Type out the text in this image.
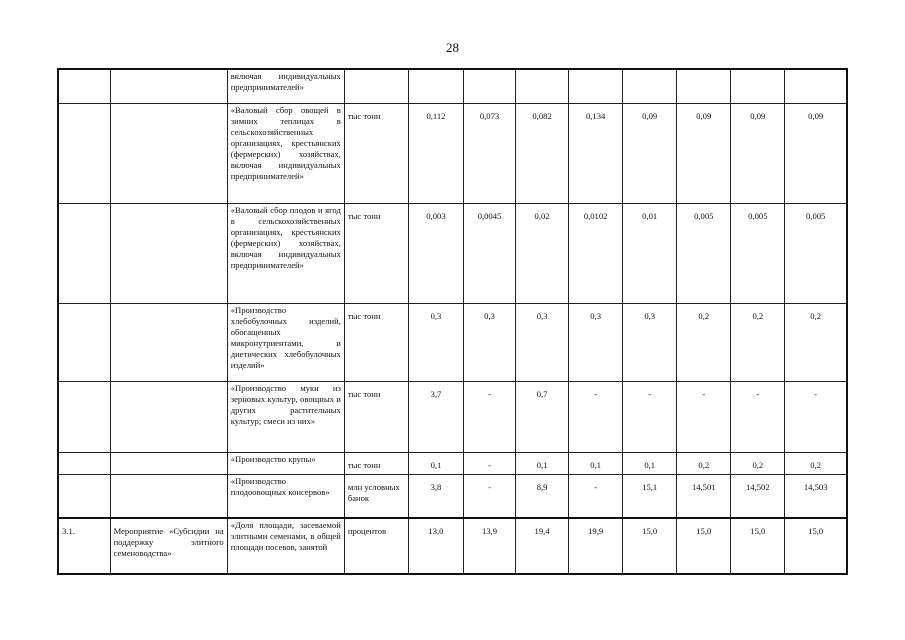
28
		включая индивидуальных предпринимателей»									
		«Валовый сбор овощей в зимних теплицах в сельскохозяйственных организациях, крестьянских (фермерских) хозяйствах, включая индивидуальных предпринимателей»	тыс тонн	0,112	0,073	0,082	0,134	0,09	0,09	0,09	0,09
		«Валовый сбор плодов и ягод в сельскохозяйственных организациях, крестьянских (фермерских) хозяйствах, включая индивидуальных предпринимателей»	тыс тонн	0,003	0,0045	0,02	0,0102	0,01	0,005	0,005	0,005
		«Производство хлебобулочных изделий, обогащенных микронутриентами, и диетических хлебобулочных изделий»	тыс тонн	0,3	0,3	0,3	0,3	0,3	0,2	0,2	0,2
		«Производство муки из зерновых культур, овощных и других растительных культур; смеси из них»	тыс тонн	3,7	-	0,7	-	-	-	-	-
		«Производство крупы»	тыс тонн	0,1	-	0,1	0,1	0,1	0,2	0,2	0,2
		«Производство плодоовощных консервов»	млн условных банок	3,8	-	8,9	-	15,1	14,501	14,502	14,503
3.1.	Мероприятие «Субсидии на поддержку элитного семеноводства»	«Доля площади, засеваемой элитными семенами, в общей площади посевов, занятой	процентов	13,0	13,9	19,4	19,9	15,0	15,0	15,0	15,0
